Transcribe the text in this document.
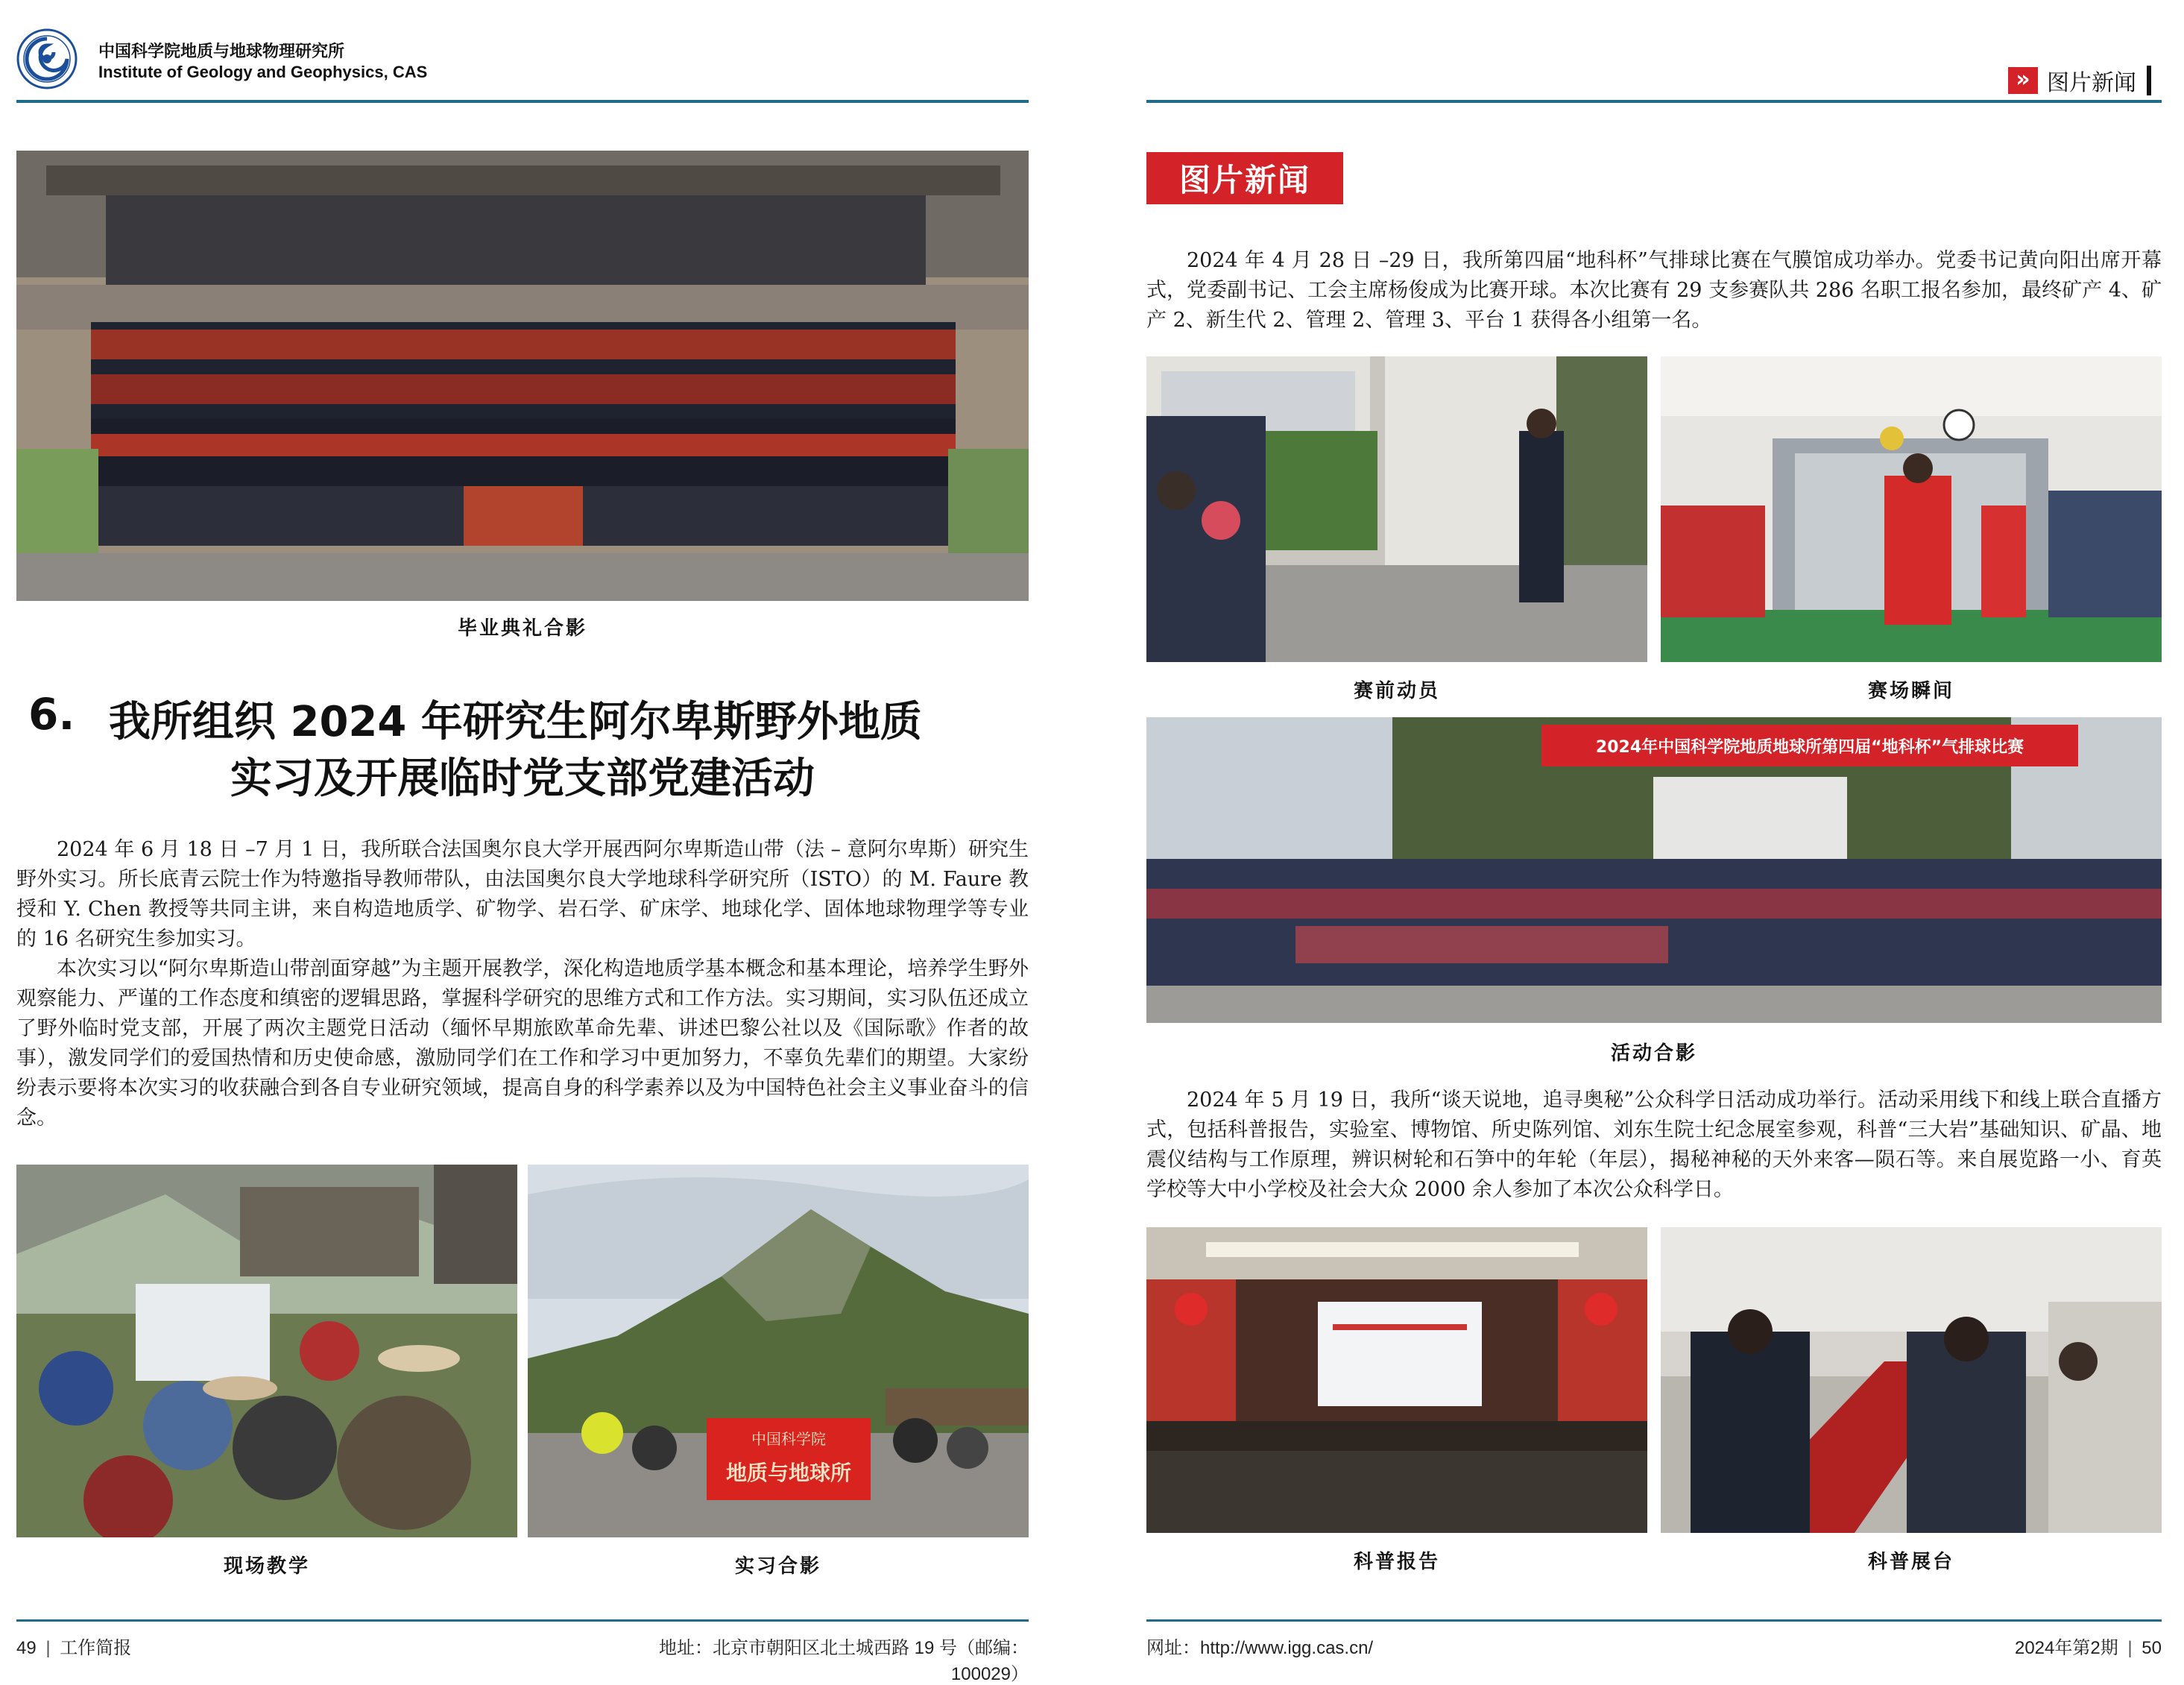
中国科学院地质与地球物理研究所
Institute of Geology and Geophysics, CAS
毕业典礼合影
6. 我所组织 2024 年研究生阿尔卑斯野外地质
实习及开展临时党支部党建活动

2024 年 6 月 18 日 –7 月 1 日，我所联合法国奥尔良大学开展西阿尔卑斯造山带（法 – 意阿尔卑斯）研究生野外实习。所长底青云院士作为特邀指导教师带队，由法国奥尔良大学地球科学研究所（ISTO）的 M. Faure 教授和 Y. Chen 教授等共同主讲，来自构造地质学、矿物学、岩石学、矿床学、地球化学、固体地球物理学等专业的 16 名研究生参加实习。

本次实习以“阿尔卑斯造山带剖面穿越”为主题开展教学，深化构造地质学基本概念和基本理论，培养学生野外观察能力、严谨的工作态度和缜密的逻辑思路，掌握科学研究的思维方式和工作方法。实习期间，实习队伍还成立了野外临时党支部，开展了两次主题党日活动（缅怀早期旅欧革命先辈、讲述巴黎公社以及《国际歌》作者的故事），激发同学们的爱国热情和历史使命感，激励同学们在工作和学习中更加努力，不辜负先辈们的期望。大家纷纷表示要将本次实习的收获融合到各自专业研究领域，提高自身的科学素养以及为中国特色社会主义事业奋斗的信念。

现场教学
中国科学院
地质与地球所
实习合影
49 | 工作简报	地址：北京市朝阳区北土城西路 19 号（邮编：100029）
» 图片新闻
图片新闻

2024 年 4 月 28 日 –29 日，我所第四届“地科杯”气排球比赛在气膜馆成功举办。党委书记黄向阳出席开幕式，党委副书记、工会主席杨俊成为比赛开球。本次比赛有 29 支参赛队共 286 名职工报名参加，最终矿产 4、矿产 2、新生代 2、管理 2、管理 3、平台 1 获得各小组第一名。

赛前动员	赛场瞬间
2024年中国科学院地质地球所第四届“地科杯”气排球比赛
活动合影

2024 年 5 月 19 日，我所“谈天说地，追寻奥秘”公众科学日活动成功举行。活动采用线下和线上联合直播方式，包括科普报告，实验室、博物馆、所史陈列馆、刘东生院士纪念展室参观，科普“三大岩”基础知识、矿晶、地震仪结构与工作原理，辨识树轮和石笋中的年轮（年层），揭秘神秘的天外来客—陨石等。来自展览路一小、育英学校等大中小学校及社会大众 2000 余人参加了本次公众科学日。

科普报告	科普展台
网址：http://www.igg.cas.cn/	2024年第2期 | 50
